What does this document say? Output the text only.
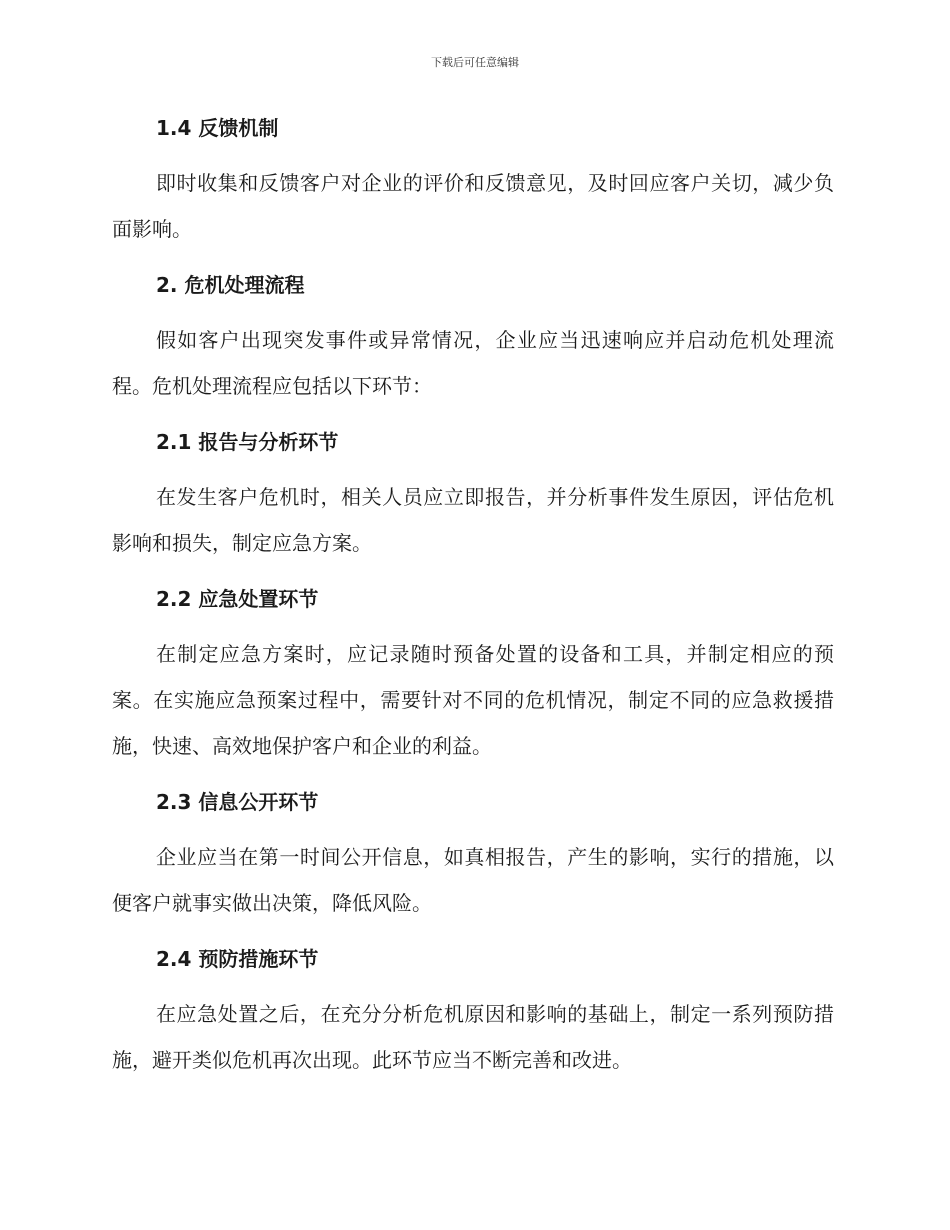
下载后可任意编辑
1.4 反馈机制

即时收集和反馈客户对企业的评价和反馈意见，及时回应客户关切，减少负面影响。

2. 危机处理流程

假如客户出现突发事件或异常情况，企业应当迅速响应并启动危机处理流程。危机处理流程应包括以下环节：

2.1 报告与分析环节

在发生客户危机时，相关人员应立即报告，并分析事件发生原因，评估危机影响和损失，制定应急方案。

2.2 应急处置环节

在制定应急方案时，应记录随时预备处置的设备和工具，并制定相应的预案。在实施应急预案过程中，需要针对不同的危机情况，制定不同的应急救援措施，快速、高效地保护客户和企业的利益。

2.3 信息公开环节

企业应当在第一时间公开信息，如真相报告，产生的影响，实行的措施，以便客户就事实做出决策，降低风险。

2.4 预防措施环节

在应急处置之后，在充分分析危机原因和影响的基础上，制定一系列预防措施，避开类似危机再次出现。此环节应当不断完善和改进。
